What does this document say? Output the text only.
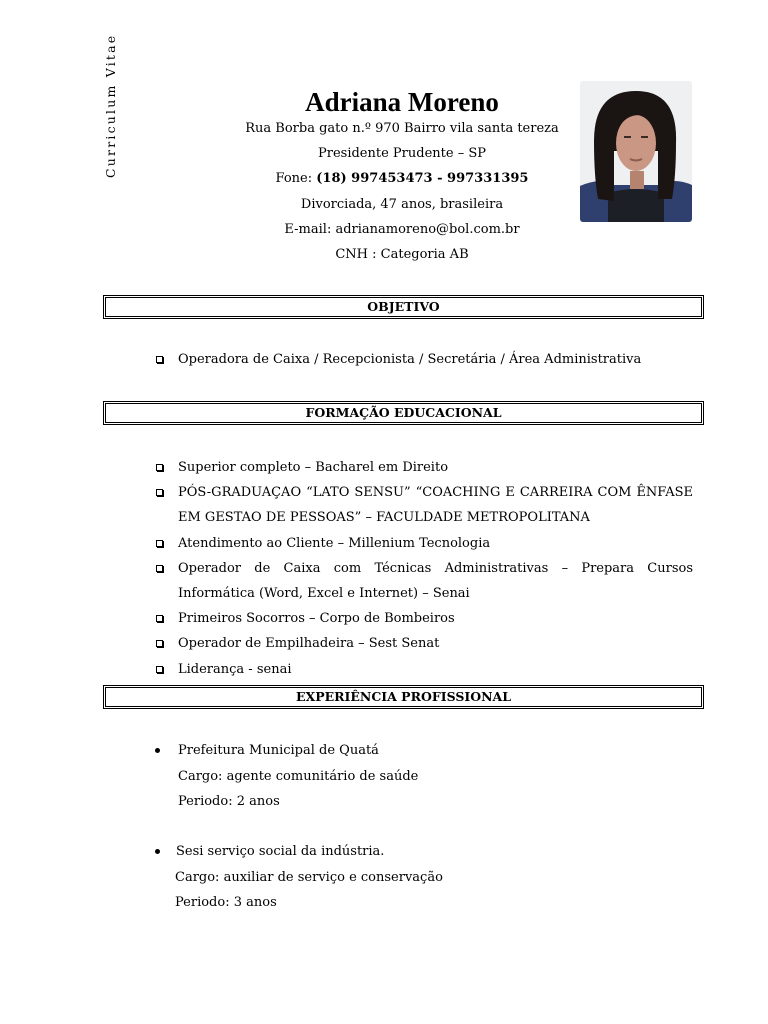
Curriculum Vitae	Adriana Moreno
Rua Borba gato n.º 970 Bairro vila santa tereza
Presidente Prudente – SP
Fone: (18) 997453473 - 997331395
Divorciada, 47 anos, brasileira
E-mail: adrianamoreno@bol.com.br
CNH : Categoria AB
OBJETIVO
Operadora de Caixa / Recepcionista / Secretária / Área Administrativa
FORMAÇÃO EDUCACIONAL
Superior completo – Bacharel em Direito
PÓS-GRADUAÇAO “LATO SENSU” “COACHING E CARREIRA COM ÊNFASE EM GESTAO DE PESSOAS” – FACULDADE METROPOLITANA
Atendimento ao Cliente – Millenium Tecnologia
Operador de Caixa com Técnicas Administrativas – Prepara Cursos Informática (Word, Excel e Internet) – Senai
Primeiros Socorros – Corpo de Bombeiros
Operador de Empilhadeira – Sest Senat
Liderança - senai
EXPERIÊNCIA PROFISSIONAL
Prefeitura Municipal de Quatá
Cargo: agente comunitário de saúde
Periodo: 2 anos
Sesi serviço social da indústria.
Cargo: auxiliar de serviço e conservação
Periodo: 3 anos
